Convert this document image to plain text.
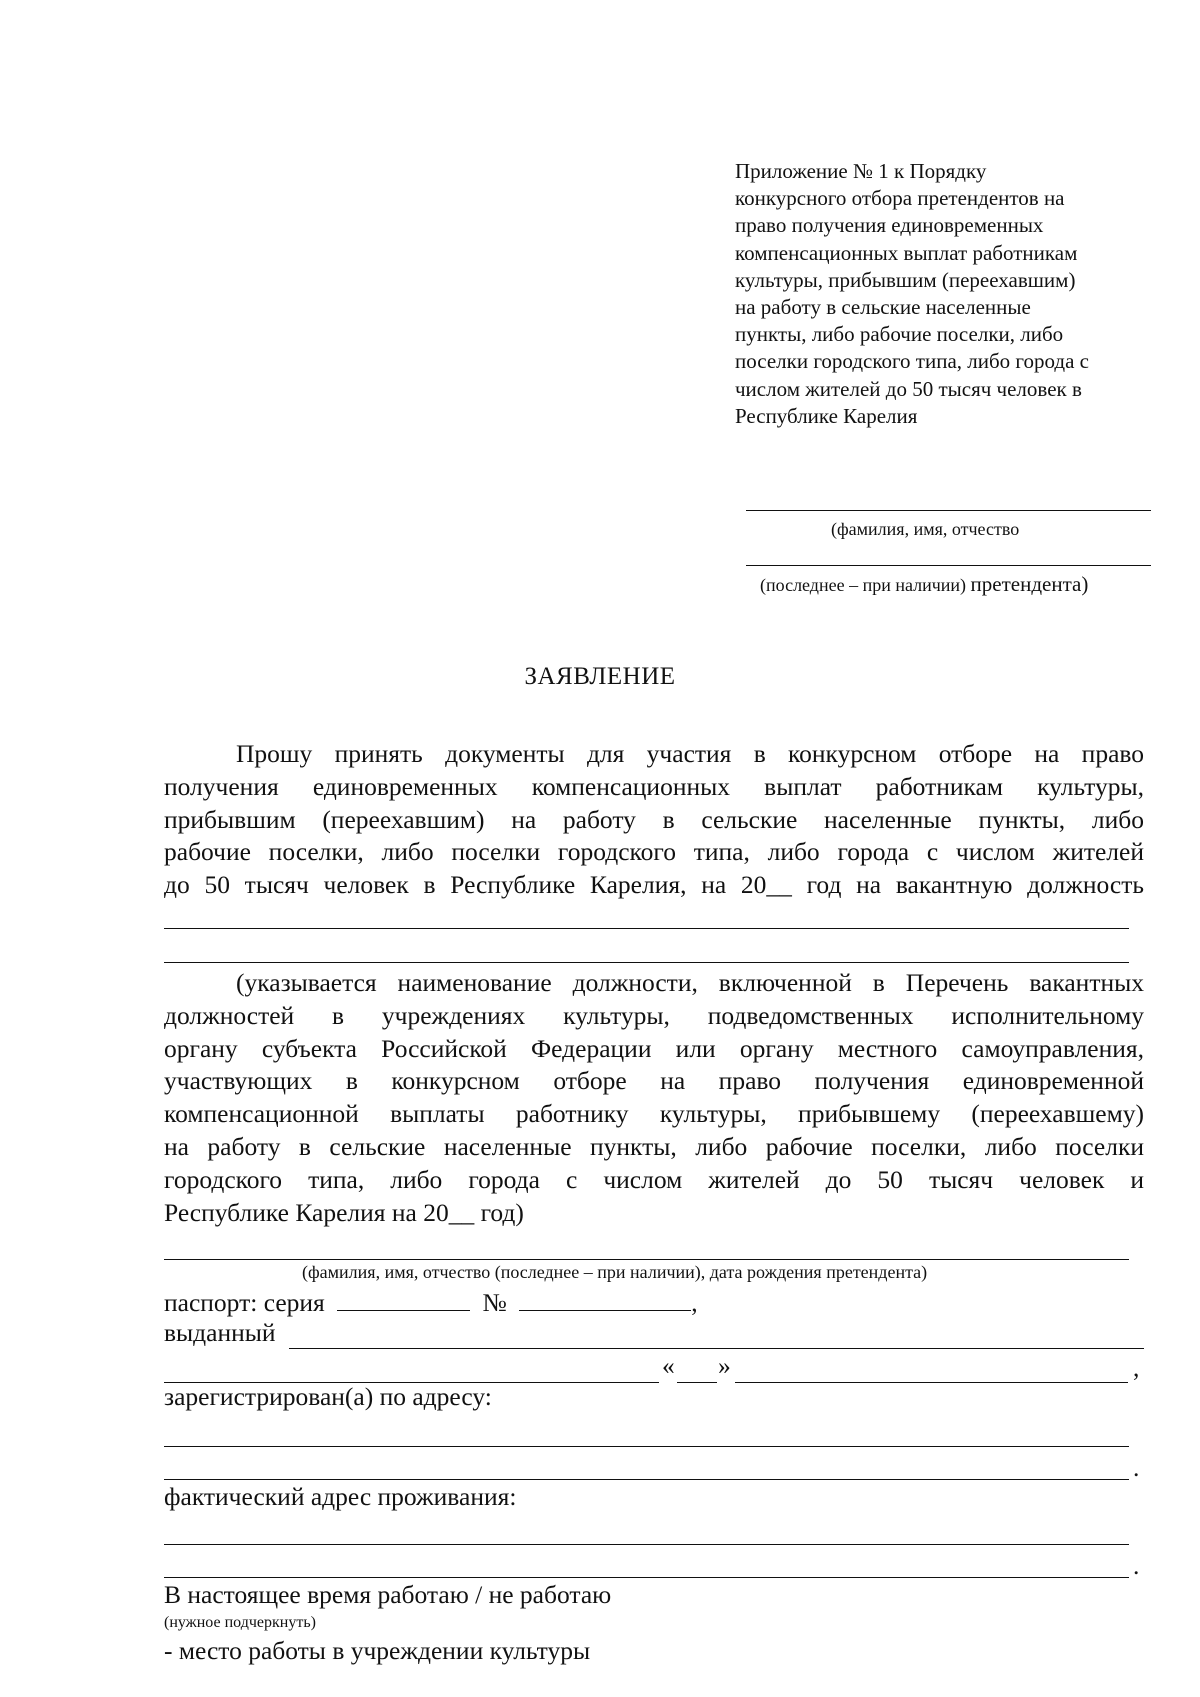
Приложение № 1 к Порядку
конкурсного отбора претендентов на
право получения единовременных
компенсационных выплат работникам
культуры, прибывшим (переехавшим)
на работу в сельские населенные
пункты, либо рабочие поселки, либо
поселки городского типа, либо города с
числом жителей до 50 тысяч человек в
Республике Карелия
(фамилия, имя, отчество
(последнее – при наличии) претендента)
ЗАЯВЛЕНИЕ
Прошу принять документы для участия в конкурсном отборе на право
получения единовременных компенсационных выплат работникам культуры,
прибывшим (переехавшим) на работу в сельские населенные пункты, либо
рабочие поселки, либо поселки городского типа, либо города с числом жителей
до 50 тысяч человек в Республике Карелия, на 20__ год на вакантную должность
(указывается наименование должности, включенной в Перечень вакантных
должностей в учреждениях культуры, подведомственных исполнительному
органу субъекта Российской Федерации или органу местного самоуправления,
участвующих в конкурсном отборе на право получения единовременной
компенсационной выплаты работнику культуры, прибывшему (переехавшему)
на работу в сельские населенные пункты, либо рабочие поселки, либо поселки
городского типа, либо города с числом жителей до 50 тысяч человек и
Республике Карелия на 20__ год)
(фамилия, имя, отчество (последнее – при наличии), дата рождения претендента)
паспорт: серия	№	,
выданный
« »	,
зарегистрирован(а) по адресу:
.
фактический адрес проживания:
.
В настоящее время работаю / не работаю
(нужное подчеркнуть)
- место работы в учреждении культуры
